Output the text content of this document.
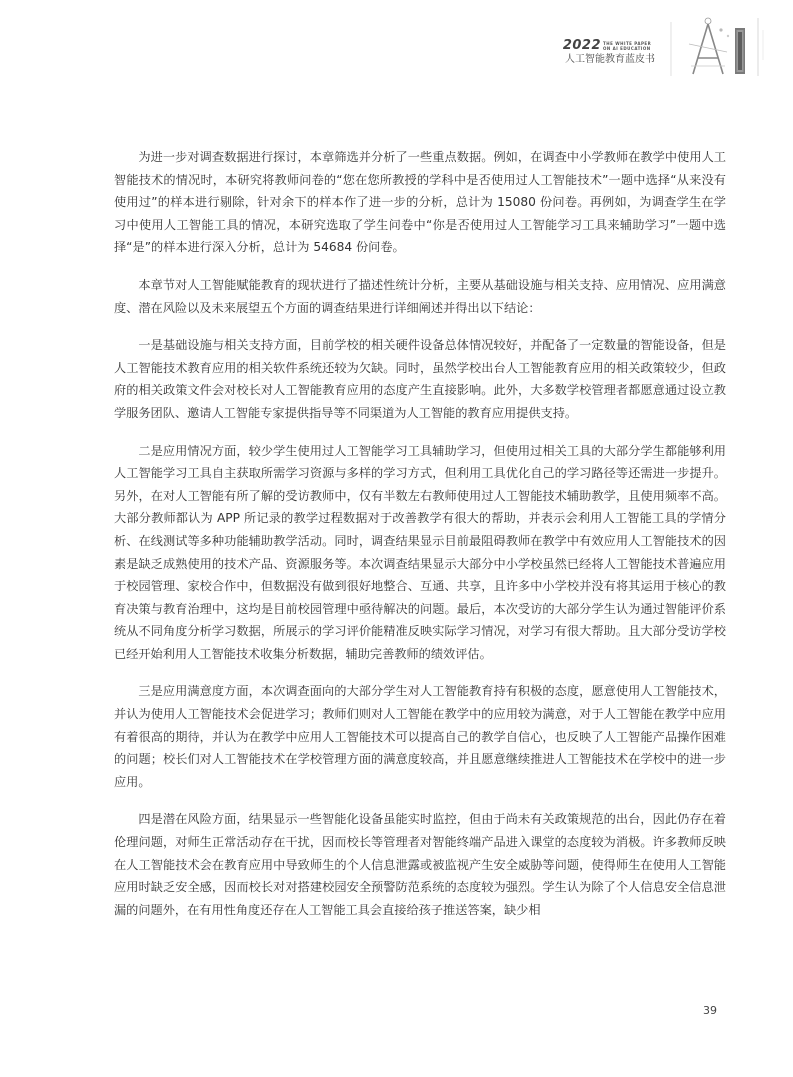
2022 THE WHITE PAPER ON AI EDUCATION
人工智能教育蓝皮书

为进一步对调查数据进行探讨，本章筛选并分析了一些重点数据。例如，在调查中小学教师在教学中使用人工智能技术的情况时，本研究将教师问卷的“您在您所教授的学科中是否使用过人工智能技术”一题中选择“从来没有使用过”的样本进行剔除，针对余下的样本作了进一步的分析，总计为 15080 份问卷。再例如，为调查学生在学习中使用人工智能工具的情况，本研究选取了学生问卷中“你是否使用过人工智能学习工具来辅助学习”一题中选择“是”的样本进行深入分析，总计为 54684 份问卷。

本章节对人工智能赋能教育的现状进行了描述性统计分析，主要从基础设施与相关支持、应用情况、应用满意度、潜在风险以及未来展望五个方面的调查结果进行详细阐述并得出以下结论：

一是基础设施与相关支持方面，目前学校的相关硬件设备总体情况较好，并配备了一定数量的智能设备，但是人工智能技术教育应用的相关软件系统还较为欠缺。同时，虽然学校出台人工智能教育应用的相关政策较少，但政府的相关政策文件会对校长对人工智能教育应用的态度产生直接影响。此外，大多数学校管理者都愿意通过设立教学服务团队、邀请人工智能专家提供指导等不同渠道为人工智能的教育应用提供支持。

二是应用情况方面，较少学生使用过人工智能学习工具辅助学习，但使用过相关工具的大部分学生都能够利用人工智能学习工具自主获取所需学习资源与多样的学习方式，但利用工具优化自己的学习路径等还需进一步提升。另外，在对人工智能有所了解的受访教师中，仅有半数左右教师使用过人工智能技术辅助教学，且使用频率不高。大部分教师都认为 APP 所记录的教学过程数据对于改善教学有很大的帮助，并表示会利用人工智能工具的学情分析、在线测试等多种功能辅助教学活动。同时，调查结果显示目前最阻碍教师在教学中有效应用人工智能技术的因素是缺乏成熟使用的技术产品、资源服务等。本次调查结果显示大部分中小学校虽然已经将人工智能技术普遍应用于校园管理、家校合作中，但数据没有做到很好地整合、互通、共享，且许多中小学校并没有将其运用于核心的教育决策与教育治理中，这均是目前校园管理中亟待解决的问题。最后，本次受访的大部分学生认为通过智能评价系统从不同角度分析学习数据，所展示的学习评价能精准反映实际学习情况，对学习有很大帮助。且大部分受访学校已经开始利用人工智能技术收集分析数据，辅助完善教师的绩效评估。

三是应用满意度方面，本次调查面向的大部分学生对人工智能教育持有积极的态度，愿意使用人工智能技术，并认为使用人工智能技术会促进学习；教师们则对人工智能在教学中的应用较为满意，对于人工智能在教学中应用有着很高的期待，并认为在教学中应用人工智能技术可以提高自己的教学自信心，也反映了人工智能产品操作困难的问题；校长们对人工智能技术在学校管理方面的满意度较高，并且愿意继续推进人工智能技术在学校中的进一步应用。

四是潜在风险方面，结果显示一些智能化设备虽能实时监控，但由于尚未有关政策规范的出台，因此仍存在着伦理问题，对师生正常活动存在干扰，因而校长等管理者对智能终端产品进入课堂的态度较为消极。许多教师反映在人工智能技术会在教育应用中导致师生的个人信息泄露或被监视产生安全威胁等问题，使得师生在使用人工智能应用时缺乏安全感，因而校长对对搭建校园安全预警防范系统的态度较为强烈。学生认为除了个人信息安全信息泄漏的问题外，在有用性角度还存在人工智能工具会直接给孩子推送答案，缺少相

39
